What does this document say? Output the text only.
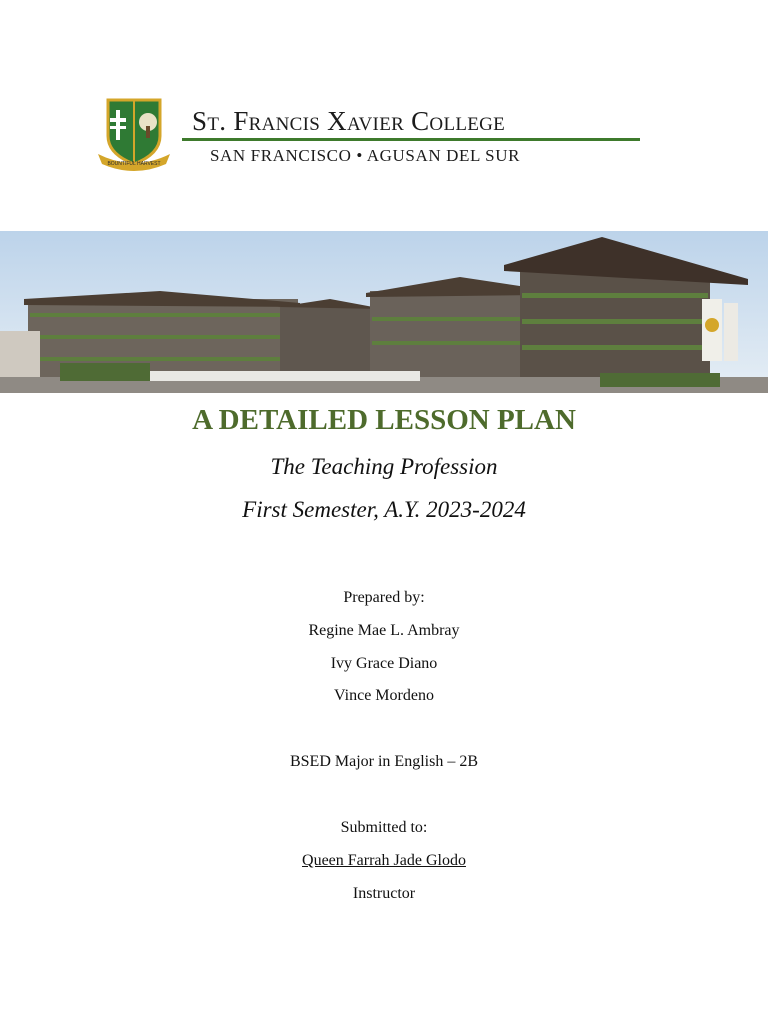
BOUNTIFUL HARVEST
St. Francis Xavier College
SAN FRANCISCO • AGUSAN DEL SUR
A DETAILED LESSON PLAN
The Teaching Profession
First Semester, A.Y. 2023-2024
Prepared by:
Regine Mae L. Ambray
Ivy Grace Diano
Vince Mordeno
BSED Major in English – 2B
Submitted to:
Queen Farrah Jade Glodo
Instructor
